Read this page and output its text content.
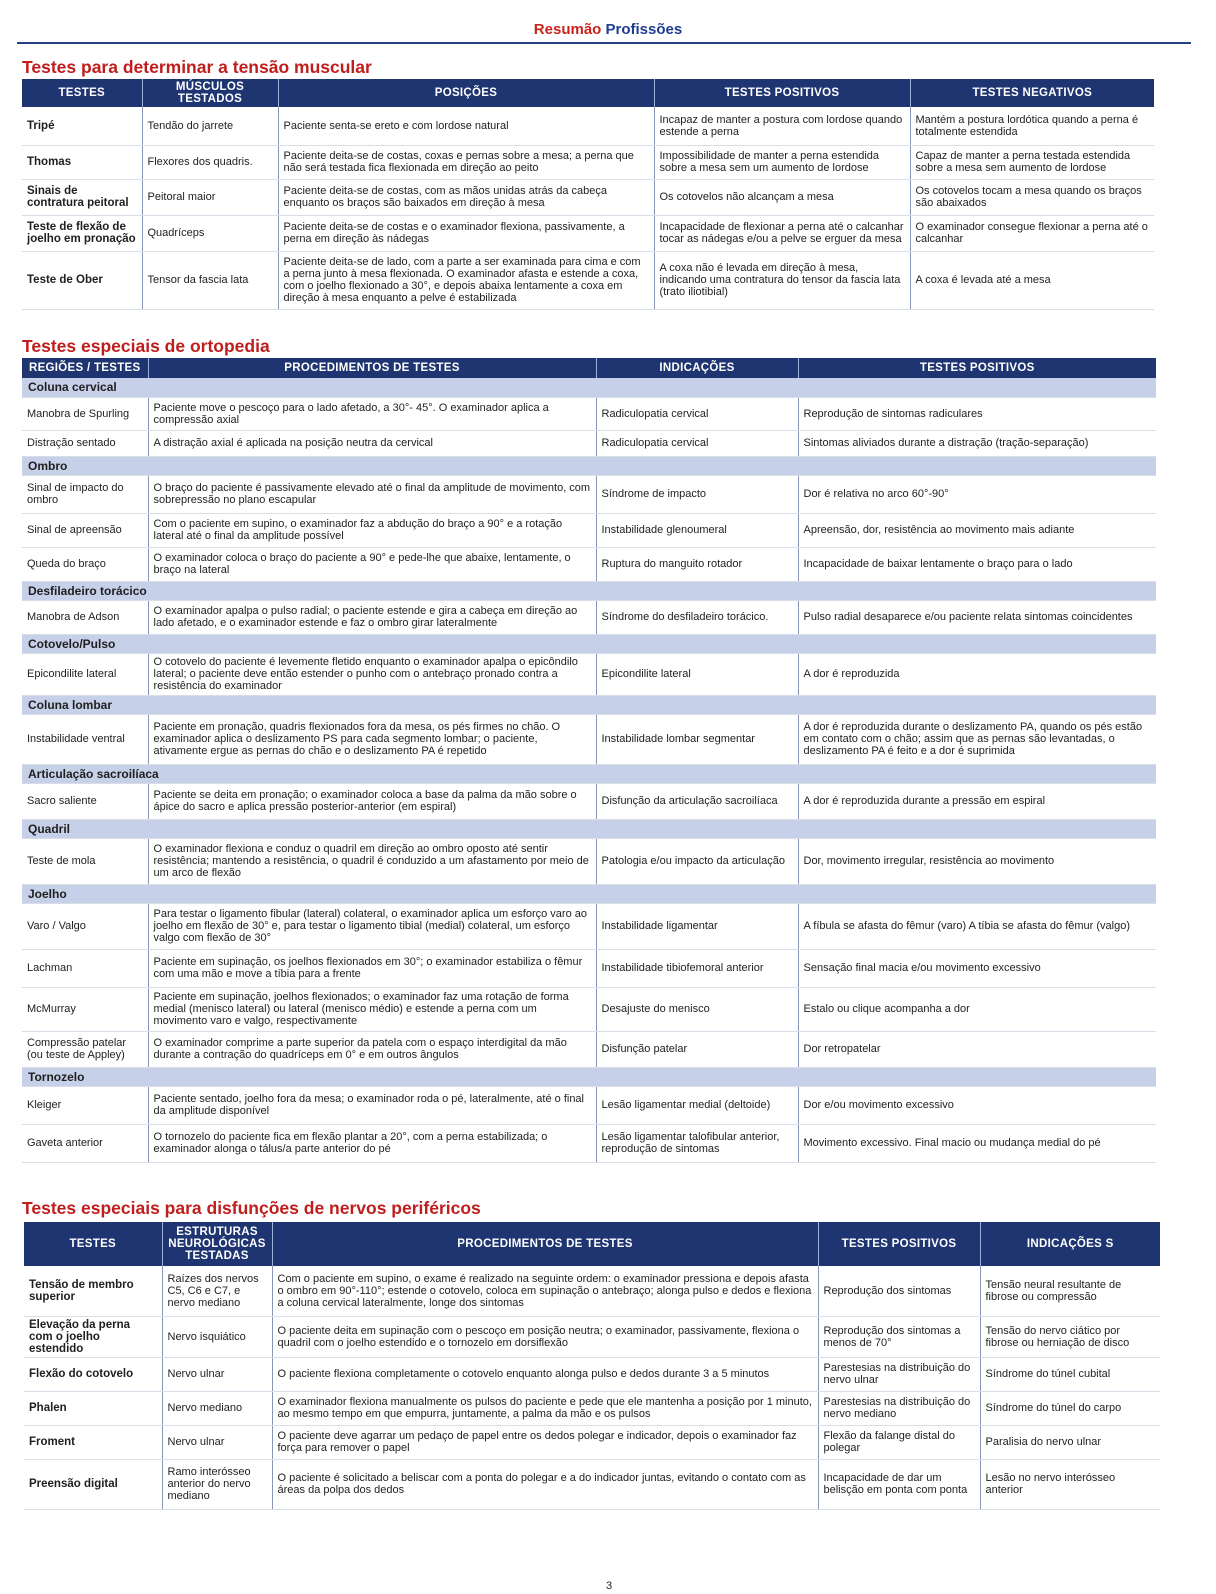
Resumão Profissões
Testes para determinar a tensão muscular
TESTES	MÚSCULOS TESTADOS	POSIÇÕES	TESTES POSITIVOS	TESTES NEGATIVOS
Tripé	Tendão do jarrete	Paciente senta-se ereto e com lordose natural	Incapaz de manter a postura com lordose quando estende a perna	Mantém a postura lordótica quando a perna é totalmente estendida
Thomas	Flexores dos quadris.	Paciente deita-se de costas, coxas e pernas sobre a mesa; a perna que não será testada fica flexionada em direção ao peito	Impossibilidade de manter a perna estendida sobre a mesa sem um aumento de lordose	Capaz de manter a perna testada estendida sobre a mesa sem aumento de lordose
Sinais de contratura peitoral	Peitoral maior	Paciente deita-se de costas, com as mãos unidas atrás da cabeça enquanto os braços são baixados em direção à mesa	Os cotovelos não alcançam a mesa	Os cotovelos tocam a mesa quando os braços são abaixados
Teste de flexão de joelho em pronação	Quadríceps	Paciente deita-se de costas e o examinador flexiona, passivamente, a perna em direção às nádegas	Incapacidade de flexionar a perna até o calcanhar tocar as nádegas e/ou a pelve se erguer da mesa	O examinador consegue flexionar a perna até o calcanhar
Teste de Ober	Tensor da fascia lata	Paciente deita-se de lado, com a parte a ser examinada para cima e com a perna junto à mesa flexionada. O examinador afasta e estende a coxa, com o joelho flexionado a 30°, e depois abaixa lentamente a coxa em direção à mesa enquanto a pelve é estabilizada	A coxa não é levada em direção à mesa, indicando uma contratura do tensor da fascia lata (trato iliotibial)	A coxa é levada até a mesa
Testes especiais de ortopedia
REGIÕES / TESTES	PROCEDIMENTOS DE TESTES	INDICAÇÕES	TESTES POSITIVOS
Coluna cervical			
Manobra de Spurling	Paciente move o pescoço para o lado afetado, a 30°- 45°. O examinador aplica a compressão axial	Radiculopatia cervical	Reprodução de sintomas radiculares
Distração sentado	A distração axial é aplicada na posição neutra da cervical	Radiculopatia cervical	Sintomas aliviados durante a distração (tração-separação)
Ombro			
Sinal de impacto do ombro	O braço do paciente é passivamente elevado até o final da amplitude de movimento, com sobrepressão no plano escapular	Síndrome de impacto	Dor é relativa no arco 60°-90°
Sinal de apreensão	Com o paciente em supino, o examinador faz a abdução do braço a 90° e a rotação lateral até o final da amplitude possível	Instabilidade glenoumeral	Apreensão, dor, resistência ao movimento mais adiante
Queda do braço	O examinador coloca o braço do paciente a 90° e pede-lhe que abaixe, lentamente, o braço na lateral	Ruptura do manguito rotador	Incapacidade de baixar lentamente o braço para o lado
Desfiladeiro torácico			
Manobra de Adson	O examinador apalpa o pulso radial; o paciente estende e gira a cabeça em direção ao lado afetado, e o examinador estende e faz o ombro girar lateralmente	Síndrome do desfiladeiro torácico.	Pulso radial desaparece e/ou paciente relata sintomas coincidentes
Cotovelo/Pulso			
Epicondilite lateral	O cotovelo do paciente é levemente fletido enquanto o examinador apalpa o epicôndilo lateral; o paciente deve então estender o punho com o antebraço pronado contra a resistência do examinador	Epicondilite lateral	A dor é reproduzida
Coluna lombar			
Instabilidade ventral	Paciente em pronação, quadris flexionados fora da mesa, os pés firmes no chão. O examinador aplica o deslizamento PS para cada segmento lombar; o paciente, ativamente ergue as pernas do chão e o deslizamento PA é repetido	Instabilidade lombar segmentar	A dor é reproduzida durante o deslizamento PA, quando os pés estão em contato com o chão; assim que as pernas são levantadas, o deslizamento PA é feito e a dor é suprimida
Articulação sacroilíaca			
Sacro saliente	Paciente se deita em pronação; o examinador coloca a base da palma da mão sobre o ápice do sacro e aplica pressão posterior-anterior (em espiral)	Disfunção da articulação sacroilíaca	A dor é reproduzida durante a pressão em espiral
Quadril			
Teste de mola	O examinador flexiona e conduz o quadril em direção ao ombro oposto até sentir resistência; mantendo a resistência, o quadril é conduzido a um afastamento por meio de um arco de flexão	Patologia e/ou impacto da articulação	Dor, movimento irregular, resistência ao movimento
Joelho			
Varo / Valgo	Para testar o ligamento fibular (lateral) colateral, o examinador aplica um esforço varo ao joelho em flexão de 30° e, para testar o ligamento tibial (medial) colateral, um esforço valgo com flexão de 30°	Instabilidade ligamentar	A fíbula se afasta do fêmur (varo) A tíbia se afasta do fêmur (valgo)
Lachman	Paciente em supinação, os joelhos flexionados em 30°; o examinador estabiliza o fêmur com uma mão e move a tíbia para a frente	Instabilidade tibiofemoral anterior	Sensação final macia e/ou movimento excessivo
McMurray	Paciente em supinação, joelhos flexionados; o examinador faz uma rotação de forma medial (menisco lateral) ou lateral (menisco médio) e estende a perna com um movimento varo e valgo, respectivamente	Desajuste do menisco	Estalo ou clique acompanha a dor
Compressão patelar (ou teste de Appley)	O examinador comprime a parte superior da patela com o espaço interdigital da mão durante a contração do quadríceps em 0° e em outros ângulos	Disfunção patelar	Dor retropatelar
Tornozelo			
Kleiger	Paciente sentado, joelho fora da mesa; o examinador roda o pé, lateralmente, até o final da amplitude disponível	Lesão ligamentar medial (deltoide)	Dor e/ou movimento excessivo
Gaveta anterior	O tornozelo do paciente fica em flexão plantar a 20°, com a perna estabilizada; o examinador alonga o tálus/a parte anterior do pé	Lesão ligamentar talofibular anterior, reprodução de sintomas	Movimento excessivo. Final macio ou mudança medial do pé
Testes especiais para disfunções de nervos periféricos
TESTES	ESTRUTURAS NEUROLÓGICAS TESTADAS	PROCEDIMENTOS DE TESTES	TESTES POSITIVOS	INDICAÇÕES S
Tensão de membro superior	Raízes dos nervos C5, C6 e C7, e nervo mediano	Com o paciente em supino, o exame é realizado na seguinte ordem: o examinador pressiona e depois afasta o ombro em 90°-110°; estende o cotovelo, coloca em supinação o antebraço; alonga pulso e dedos e flexiona a coluna cervical lateralmente, longe dos sintomas	Reprodução dos sintomas	Tensão neural resultante de fibrose ou compressão
Elevação da perna com o joelho estendido	Nervo isquiático	O paciente deita em supinação com o pescoço em posição neutra; o examinador, passivamente, flexiona o quadril com o joelho estendido e o tornozelo em dorsiflexão	Reprodução dos sintomas a menos de 70°	Tensão do nervo ciático por fibrose ou herniação de disco
Flexão do cotovelo	Nervo ulnar	O paciente flexiona completamente o cotovelo enquanto alonga pulso e dedos durante 3 a 5 minutos	Parestesias na distribuição do nervo ulnar	Síndrome do túnel cubital
Phalen	Nervo mediano	O examinador flexiona manualmente os pulsos do paciente e pede que ele mantenha a posição por 1 minuto, ao mesmo tempo em que empurra, juntamente, a palma da mão e os pulsos	Parestesias na distribuição do nervo mediano	Síndrome do túnel do carpo
Froment	Nervo ulnar	O paciente deve agarrar um pedaço de papel entre os dedos polegar e indicador, depois o examinador faz força para remover o papel	Flexão da falange distal do polegar	Paralisia do nervo ulnar
Preensão digital	Ramo interósseo anterior do nervo mediano	O paciente é solicitado a beliscar com a ponta do polegar e a do indicador juntas, evitando o contato com as áreas da polpa dos dedos	Incapacidade de dar um belisção em ponta com ponta	Lesão no nervo interósseo anterior
3
